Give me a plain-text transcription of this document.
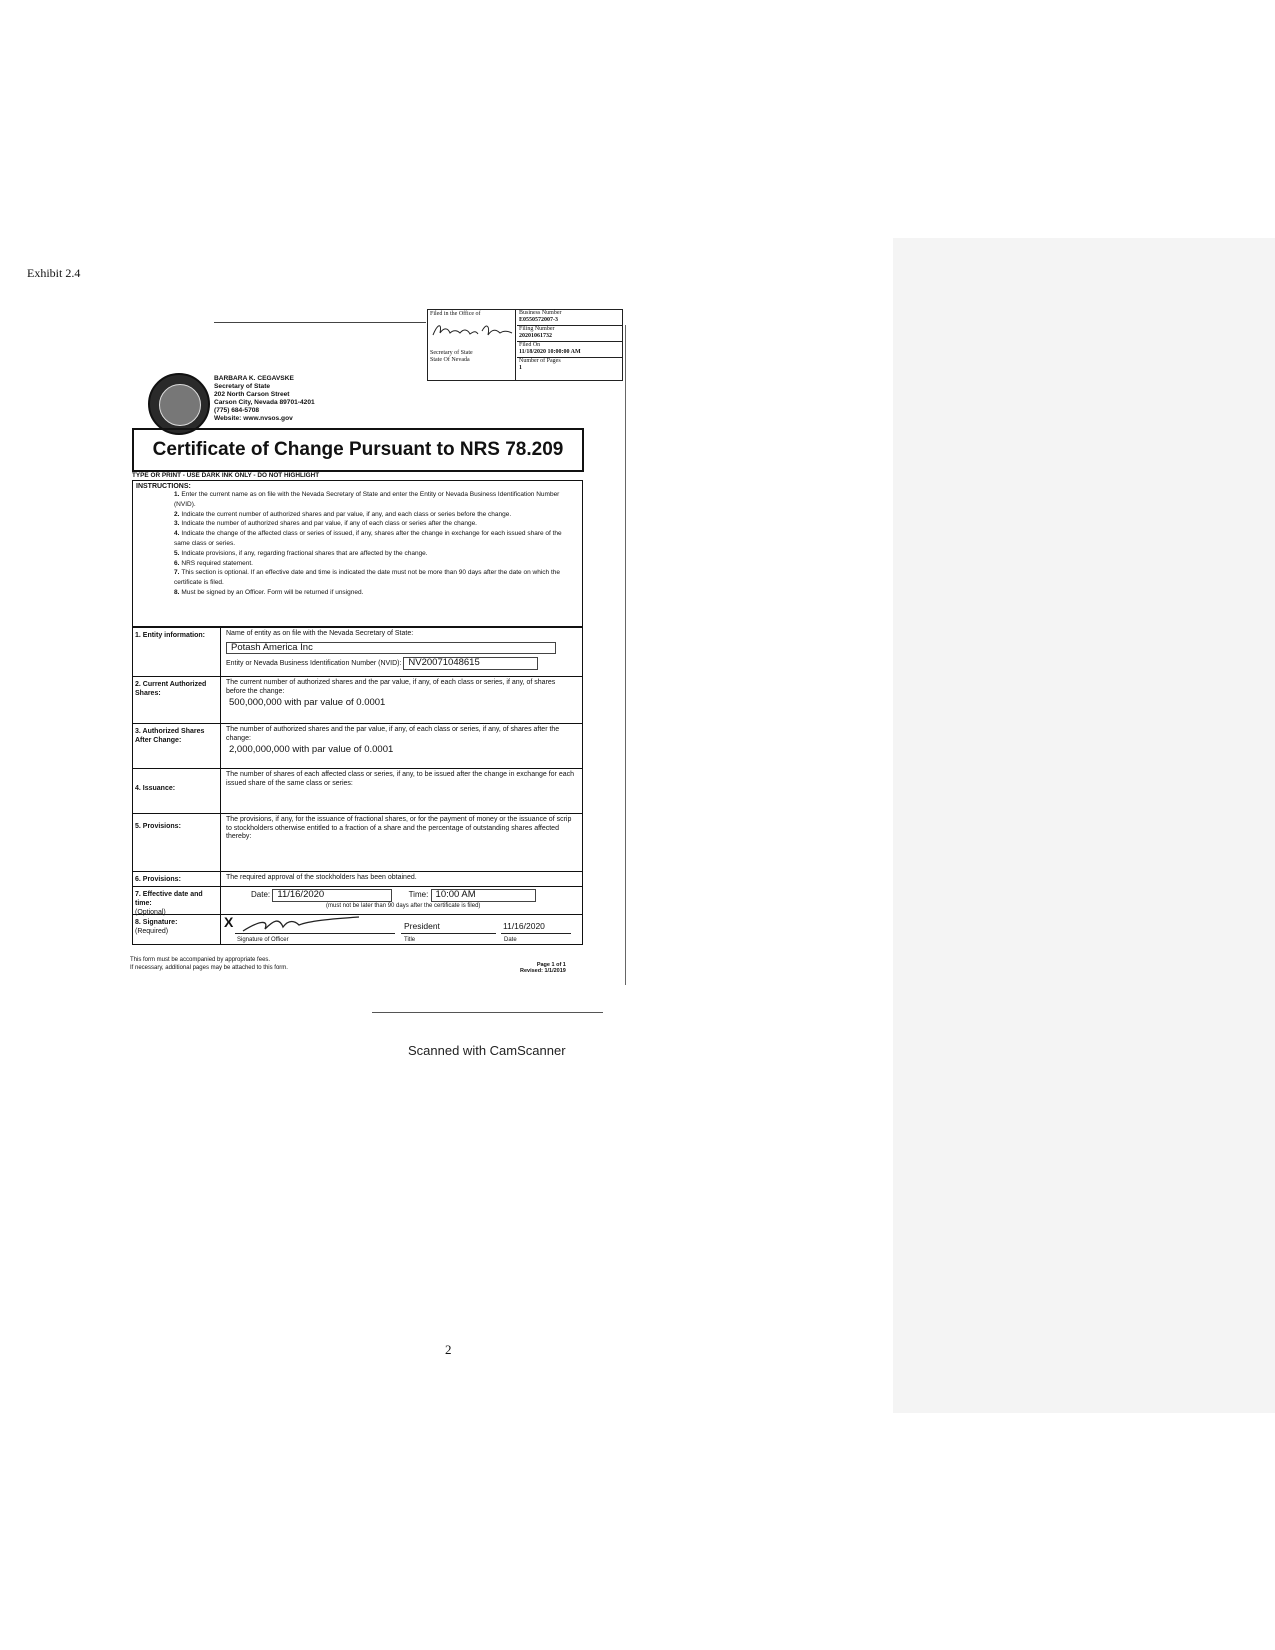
Exhibit 2.4
Filed in the Office of
Secretary of State
State Of Nevada
Business Number
E0550572007-3
Filing Number
20201061732
Filed On
11/18/2020 10:00:00 AM
Number of Pages
1
BARBARA K. CEGAVSKE
Secretary of State
202 North Carson Street
Carson City, Nevada 89701-4201
(775) 684-5708
Website: www.nvsos.gov
Certificate of Change Pursuant to NRS 78.209
TYPE OR PRINT - USE DARK INK ONLY - DO NOT HIGHLIGHT
INSTRUCTIONS:
1. Enter the current name as on file with the Nevada Secretary of State and enter the Entity or Nevada Business Identification Number (NVID).
2. Indicate the current number of authorized shares and par value, if any, and each class or series before the change.
3. Indicate the number of authorized shares and par value, if any of each class or series after the change.
4. Indicate the change of the affected class or series of issued, if any, shares after the change in exchange for each issued share of the same class or series.
5. Indicate provisions, if any, regarding fractional shares that are affected by the change.
6. NRS required statement.
7. This section is optional. If an effective date and time is indicated the date must not be more than 90 days after the date on which the certificate is filed.
8. Must be signed by an Officer. Form will be returned if unsigned.
1. Entity information:	Name of entity as on file with the Nevada Secretary of State:
Potash America Inc
Entity or Nevada Business Identification Number (NVID): NV20071048615
2. Current Authorized Shares:
The current number of authorized shares and the par value, if any, of each class or series, if any, of shares before the change:
500,000,000 with par value of 0.0001
3. Authorized Shares After Change:
The number of authorized shares and the par value, if any, of each class or series, if any, of shares after the change:
2,000,000,000 with par value of 0.0001
4. Issuance:
The number of shares of each affected class or series, if any, to be issued after the change in exchange for each issued share of the same class or series:
5. Provisions:
The provisions, if any, for the issuance of fractional shares, or for the payment of money or the issuance of scrip to stockholders otherwise entitled to a fraction of a share and the percentage of outstanding shares affected thereby:
6. Provisions:	The required approval of the stockholders has been obtained.
7. Effective date and time:
(Optional)
Date: 11/16/2020	Time: 10:00 AM
(must not be later than 90 days after the certificate is filed)
8. Signature:
(Required)
X
Signature of Officer
President
Title
11/16/2020
Date
This form must be accompanied by appropriate fees.
If necessary, additional pages may be attached to this form.	Page 1 of 1
Revised: 1/1/2019
Scanned with CamScanner
2
